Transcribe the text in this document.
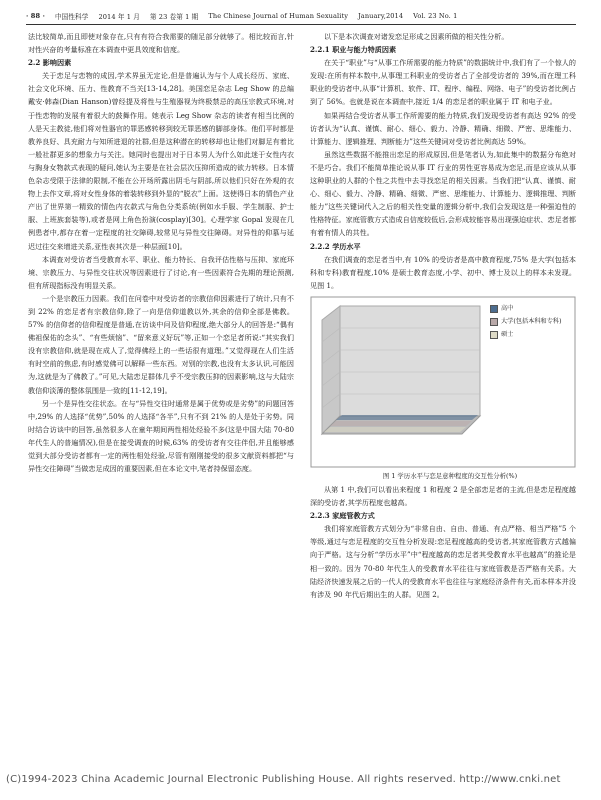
· 88 · 中国性科学 2014 年 1 月 第 23 卷第 1 期 The Chinese Journal of Human Sexuality January,2014 Vol. 23 No. 1

法比较简单,而且即使对象存在,只有有符合我需要的随足部分就够了。相比较而言,针对性兴奋的考量标准在本调查中更具效度和信度。

2.2 影响因素

关于恋足与恋物的成因,学术界虽无定论,但是普遍认为与个人成长经历、家庭、社会文化环境、压力、性教育不当关[13-14,28]。美国恋足杂志 Leg Show 的总编戴安·韩森(Dian Hanson)曾经提及将性与生殖器视为终极禁忌的高压宗教式环境,对于性恋物的发展有着很大的鼓舞作用。她表示 Leg Show 杂志的读者有相当比例的人是天主教徒,他们将对性器官的罪恶感转移到较无罪恶感的脚部身体。他们平时都是教养良好、具充耐力与知所进退的社群,但是这种潜在的转移却也让他们对脚足有着比一般社群更多的想象力与关注。她同时也提出对于日本男人为什么如此迷于女性内衣与胸身女物款式表现的疑问,她认为主要是在社会层次压抑所造成的欲力转移。日本情色杂志受限于法律的限制,不能在公开场所露出阴毛与阴部,所以他们只好在外观的衣物上去作文章,将对女性身体的着装转移到外显的“脱衣”上面。这使得日本的情色产业产出了世界第一精致的情色内衣款式与角色分类系统(例如水手服、学生制服、护士服、上班族套装等),或者是网上角色扮演(cosplay)[30]。心理学家 Gopal 发现在几例患者中,都存在着一定程度的社交障碍,较常见与异性交往障碍。对异性的仰慕与延迟过往交来增进关系,亚性表其次是一种层面[10]。

本调查对受访者当受教育水平、职业、能力特长、自我评估性格与压抑、家庭环境、宗教压力、与异性交往状况等因素进行了讨论,有一些因素符合先期的理论预测,但有所现指标没有明显关系。

一个是宗教压力因素。我们在问卷中对受访者的宗教信仰因素进行了统计,只有不到 22% 的恋足者有宗教信仰,除了一向是信仰道教以外,其余的信仰全部是佛教。57% 的信仰者的信仰程度是普通,在访谈中问及信仰程度,绝大部分人的回答是:“偶有佛祖保佑的念头”、“有些烦恼”、“留来意义好玩”等,正如一个恋足者所说:“其实我们没有宗教信仰,就是现在成人了,觉得佛经上的一些话很有道理。”又觉得现在人们生活有时空前的焦虑,有时感觉佛可以解释一些东西。对别的宗教,也没有太多认识,可能因为,这就是为了佛教了。”可见,大陆恋足群体几乎不受宗教压抑的因素影响,这与大陆宗教信仰淡薄的整体氛围是一致的[11-12,19]。

另一个是异性交往状态。在与“异性交往时通常是属于优势或是劣势”的问题回答中,29% 的人选择“优势”,50% 的人选择“各半”,只有不到 21% 的人是处于劣势。同时结合访谈中的回答,虽然很多人在童年期间两性相处经验不多(这是中国大陆 70-80 年代生人的普遍情况),但是在接受调查的时候,63% 的受访者有交往伴侣,并且能够感觉到大部分受访者都有一定的两性相处经验,尽管有刚刚接受的很多文献资料都把“与异性交往障碍”当做恋足成因的重要因素,但在本论文中,笔者持保留态度。

以下是本次调查对诸发恋足形成之因素所做的相关性分析。

2.2.1 职业与能力特质因素

在关于“职业”与“从事工作所需要的能力特质”的数据统计中,我们有了一个惊人的发现:在所有样本数中,从事理工科职业的受访者占了全部受访者的 39%,而在理工科职业的受访者中,从事“计算机、软件、IT、程序、编程、网络、电子”的受访者比例占到了 56%。也就是说在本调查中,接近 1/4 的恋足者的职业属于 IT 和电子业。

如果再结合受访者从事工作所需要的能力特质,我们发现受访者有高达 92% 的受访者认为“认真、谨慎、耐心、细心、毅力、冷静、精确、细微、严密、思维能力、计算能力、逻辑推理、判断能力”这些关键词对受访者比例高达 59%。

虽然这些数据不能推出恋足的形成原因,但是笔者认为,如此集中的数据分布绝对不是巧合。我们不能简单推论说从事 IT 行业的男性更容易成为恋足,而是应该从从事这种职业的人群的个性之共性中去寻找恋足的相关因素。当我们把“认真、谨慎、耐心、细心、毅力、冷静、精确、细微、严密、思维能力、计算能力、逻辑推理、判断能力”这些关键词代入之后的相关性变量的逻辑分析中,我们会发现这是一种强迫性的性格特征。家庭管教方式造成自信度较低后,会形成较能容易出现强迫症状、恋足者都有着有情人的共性。

2.2.2 学历水平

在我们调查的恋足者当中,有 10% 的受访者是高中教育程度,75% 是大学(包括本科和专科)教育程度,10% 是硕士教育态度,小学、初中、博士及以上的样本未发现。见图 1。

高中
大学(包括本科和专科)
硕士

图 1 学历水平与恋足意种程度的交互性分析(%)

从第 1 中,我们可以看出来程度 1 和程度 2 是全部恋足者的主流,但是恋足程度越深的受访者,其学历程度也越高。

2.2.3 家庭管教方式

我们将家庭管教方式划分为“非常自由、自由、普通、有点严格、相当严格”5 个等级,通过与恋足程度的交互性分析发现:恋足程度越高的受访者,其家庭管教方式越偏向于严格。这与分析“学历水平”中“程度越高的恋足者其受教育水平也越高”的推论是相一致的。因为 70-80 年代生人的受教育水平往往与家庭管教是否严格有关系。大陆经济快速发展之后的一代人的受教育水平也往往与家庭经济条件有关,而本样本并没有涉及 90 年代后期出生的人群。见图 2。

(C)1994-2023 China Academic Journal Electronic Publishing House. All rights reserved. http://www.cnki.net
